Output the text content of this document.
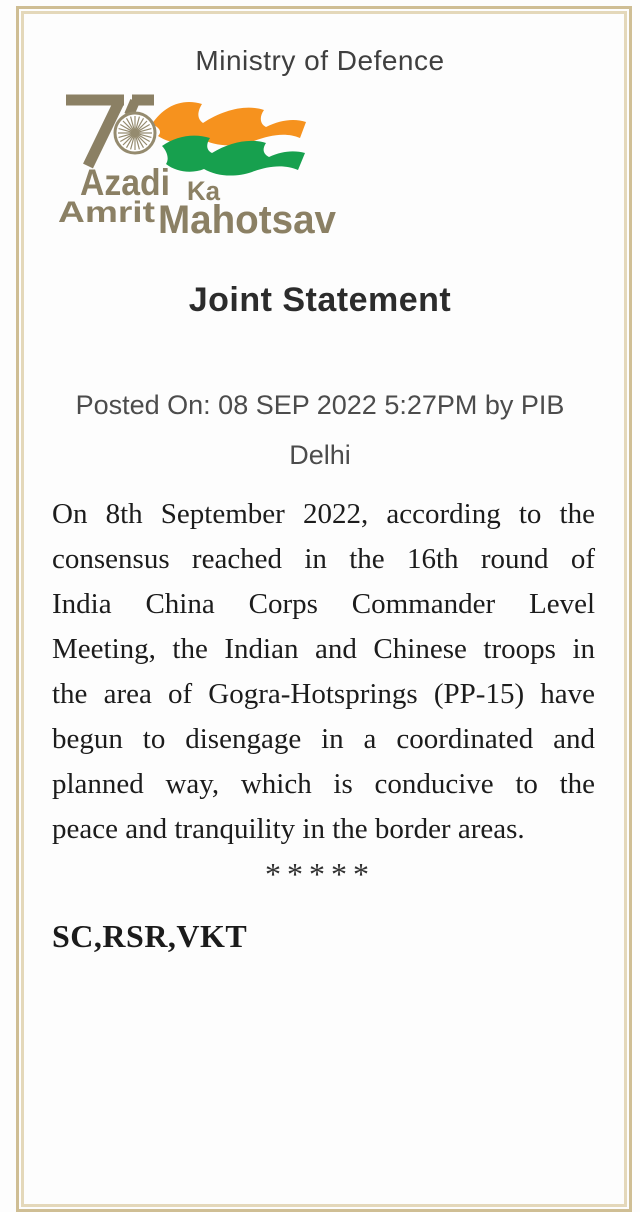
Ministry of Defence
Azadi Ka
Amrit Mahotsav
Joint Statement
Posted On: 08 SEP 2022 5:27PM by PIB
Delhi
On 8th September 2022, according to the
consensus reached in the 16th round of
India China Corps Commander Level
Meeting, the Indian and Chinese troops in
the area of Gogra-Hotsprings (PP-15) have
begun to disengage in a coordinated and
planned way, which is conducive to the
peace and tranquility in the border areas.
*****
SC,RSR,VKT
